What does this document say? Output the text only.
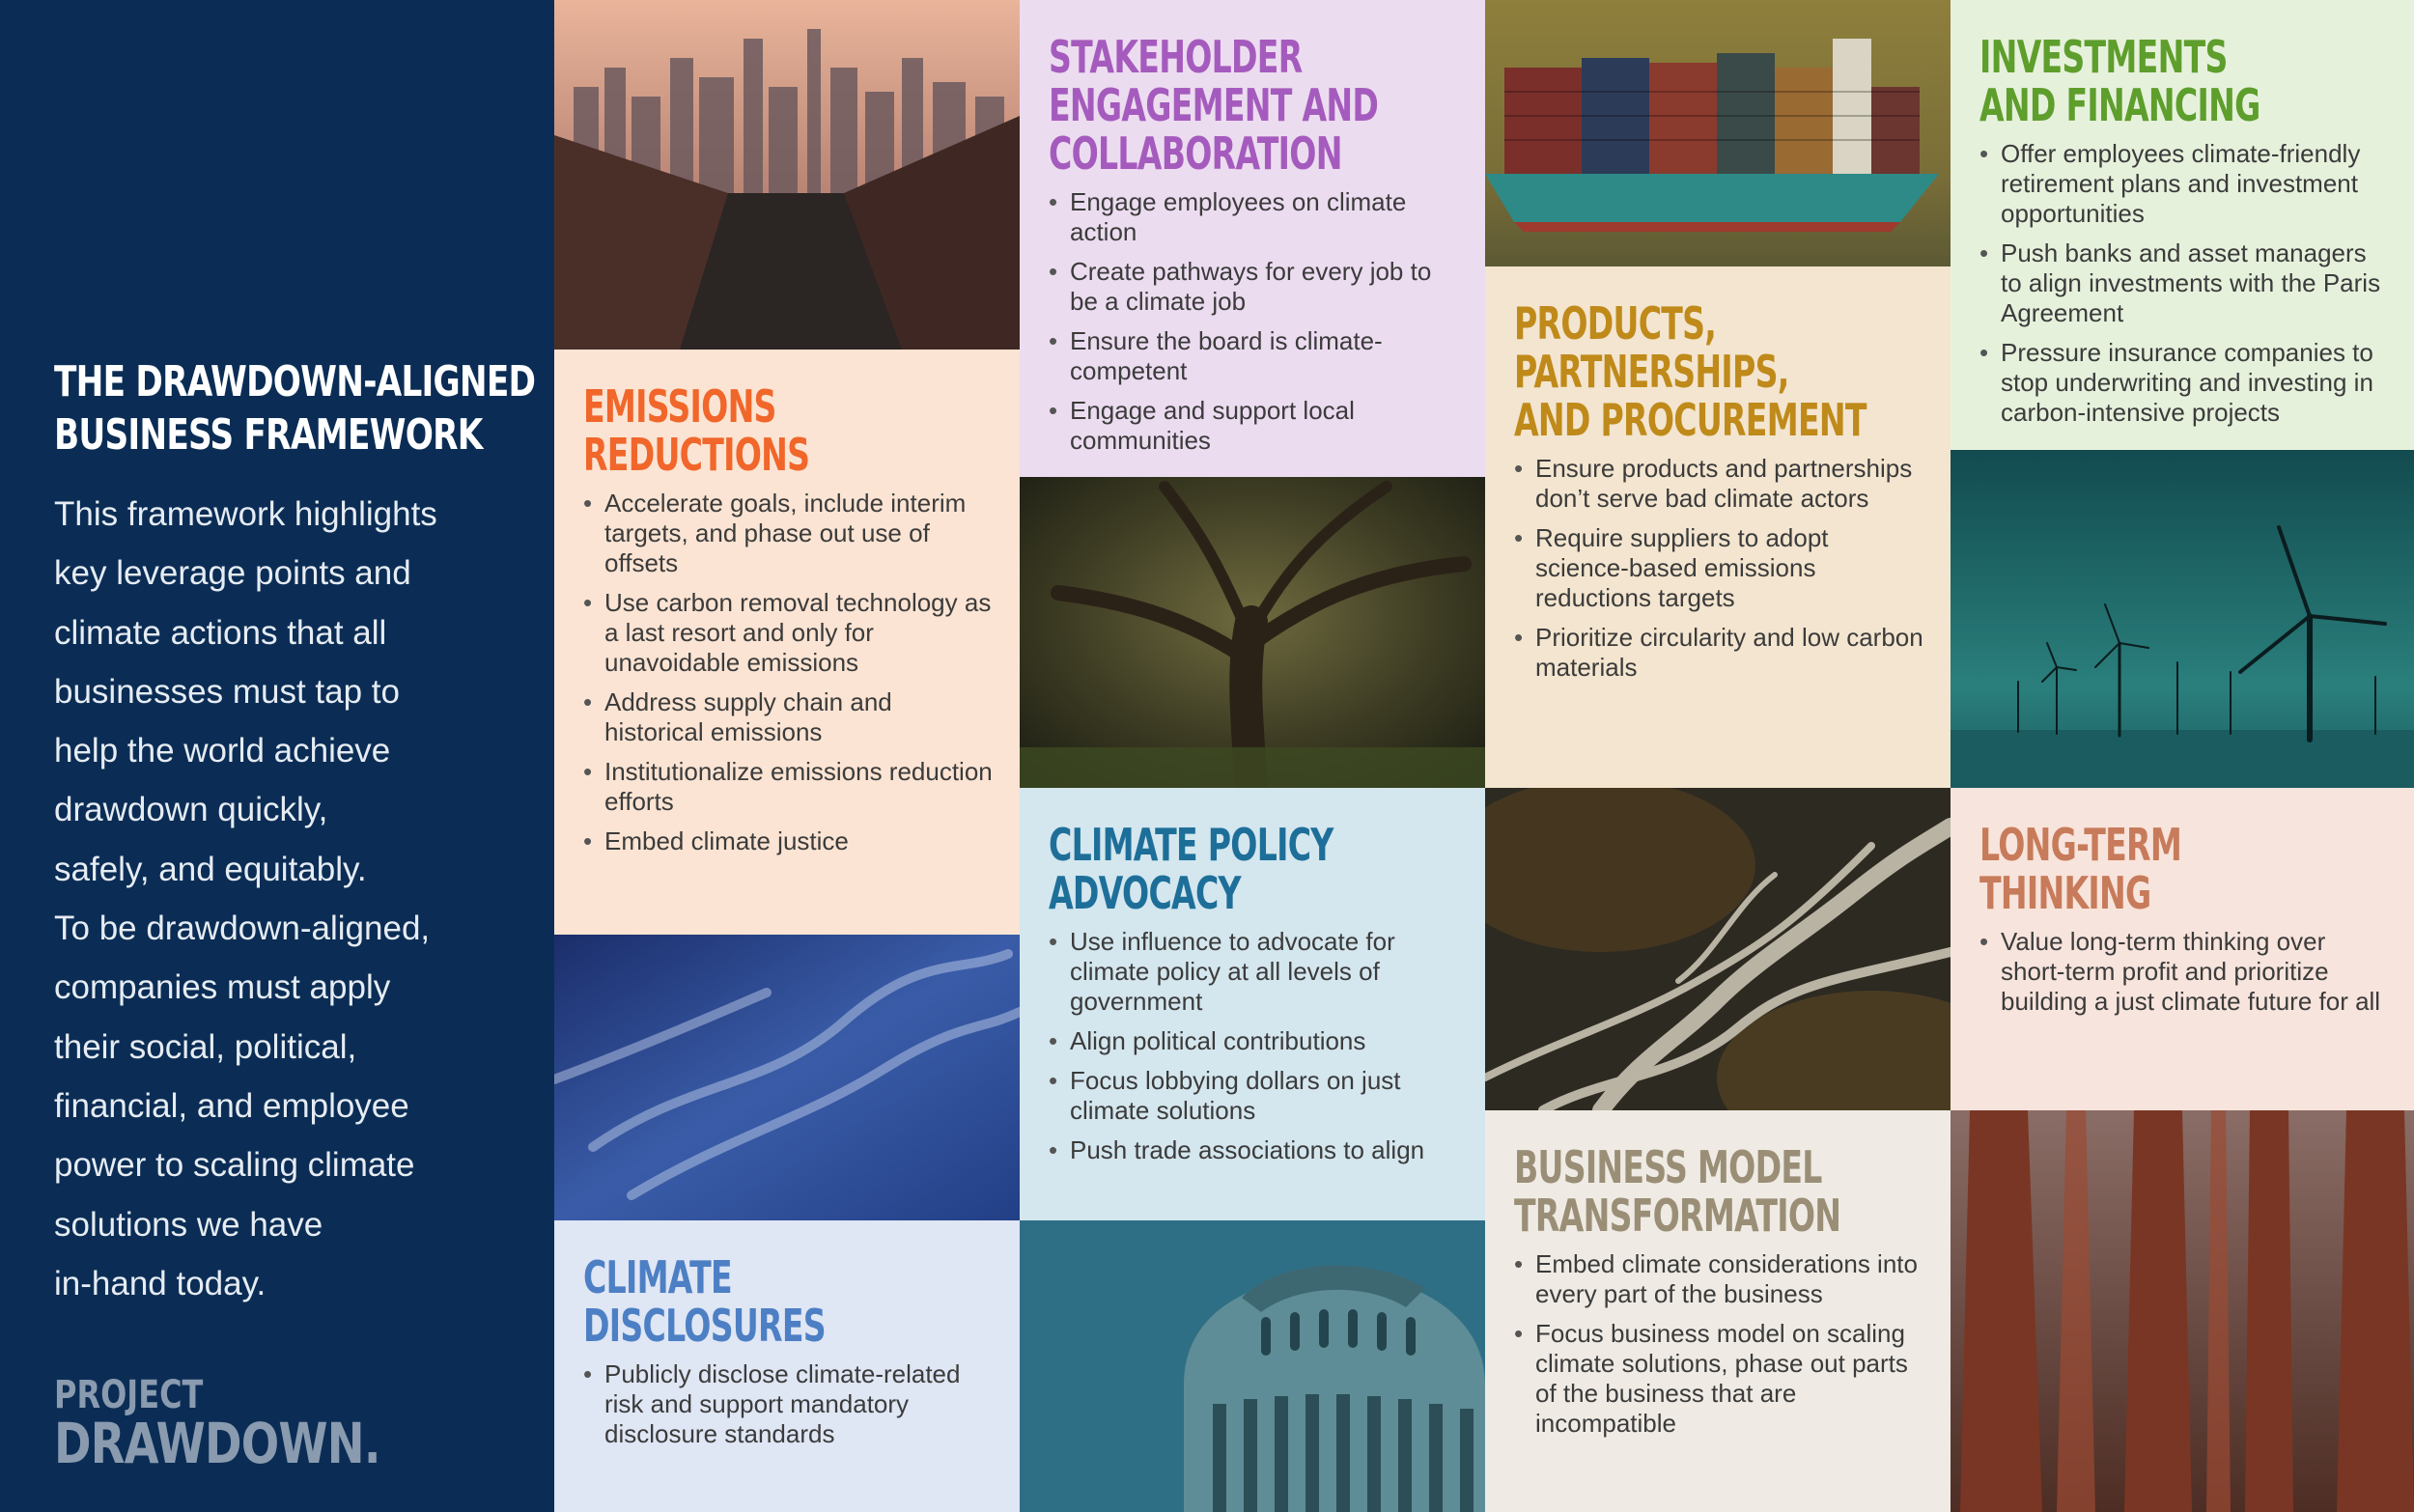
THE DRAWDOWN-ALIGNED
BUSINESS FRAMEWORK
This framework highlights
key leverage points and
climate actions that all
businesses must tap to
help the world achieve
drawdown quickly,
safely, and equitably.
To be drawdown-aligned,
companies must apply
their social, political,
financial, and employee
power to scaling climate
solutions we have
in-hand today.
PROJECT
DRAWDOWN.
EMISSIONS
REDUCTIONS
• Accelerate goals, include interim targets, and phase out use of offsets
• Use carbon removal technology as a last resort and only for unavoidable emissions
• Address supply chain and historical emissions
• Institutionalize emissions reduction efforts
• Embed climate justice
CLIMATE
DISCLOSURES
• Publicly disclose climate-related risk and support mandatory disclosure standards
STAKEHOLDER
ENGAGEMENT AND
COLLABORATION
• Engage employees on climate action
• Create pathways for every job to be a climate job
• Ensure the board is climate-competent
• Engage and support local communities
CLIMATE POLICY
ADVOCACY
• Use influence to advocate for climate policy at all levels of government
• Align political contributions
• Focus lobbying dollars on just climate solutions
• Push trade associations to align
PRODUCTS,
PARTNERSHIPS,
AND PROCUREMENT
• Ensure products and partnerships don’t serve bad climate actors
• Require suppliers to adopt science-based emissions reductions targets
• Prioritize circularity and low carbon materials
BUSINESS MODEL
TRANSFORMATION
• Embed climate considerations into every part of the business
• Focus business model on scaling climate solutions, phase out parts of the business that are incompatible
INVESTMENTS
AND FINANCING
• Offer employees climate-friendly retirement plans and investment opportunities
• Push banks and asset managers to align investments with the Paris Agreement
• Pressure insurance companies to stop underwriting and investing in carbon-intensive projects
LONG-TERM
THINKING
• Value long-term thinking over short-term profit and prioritize building a just climate future for all
